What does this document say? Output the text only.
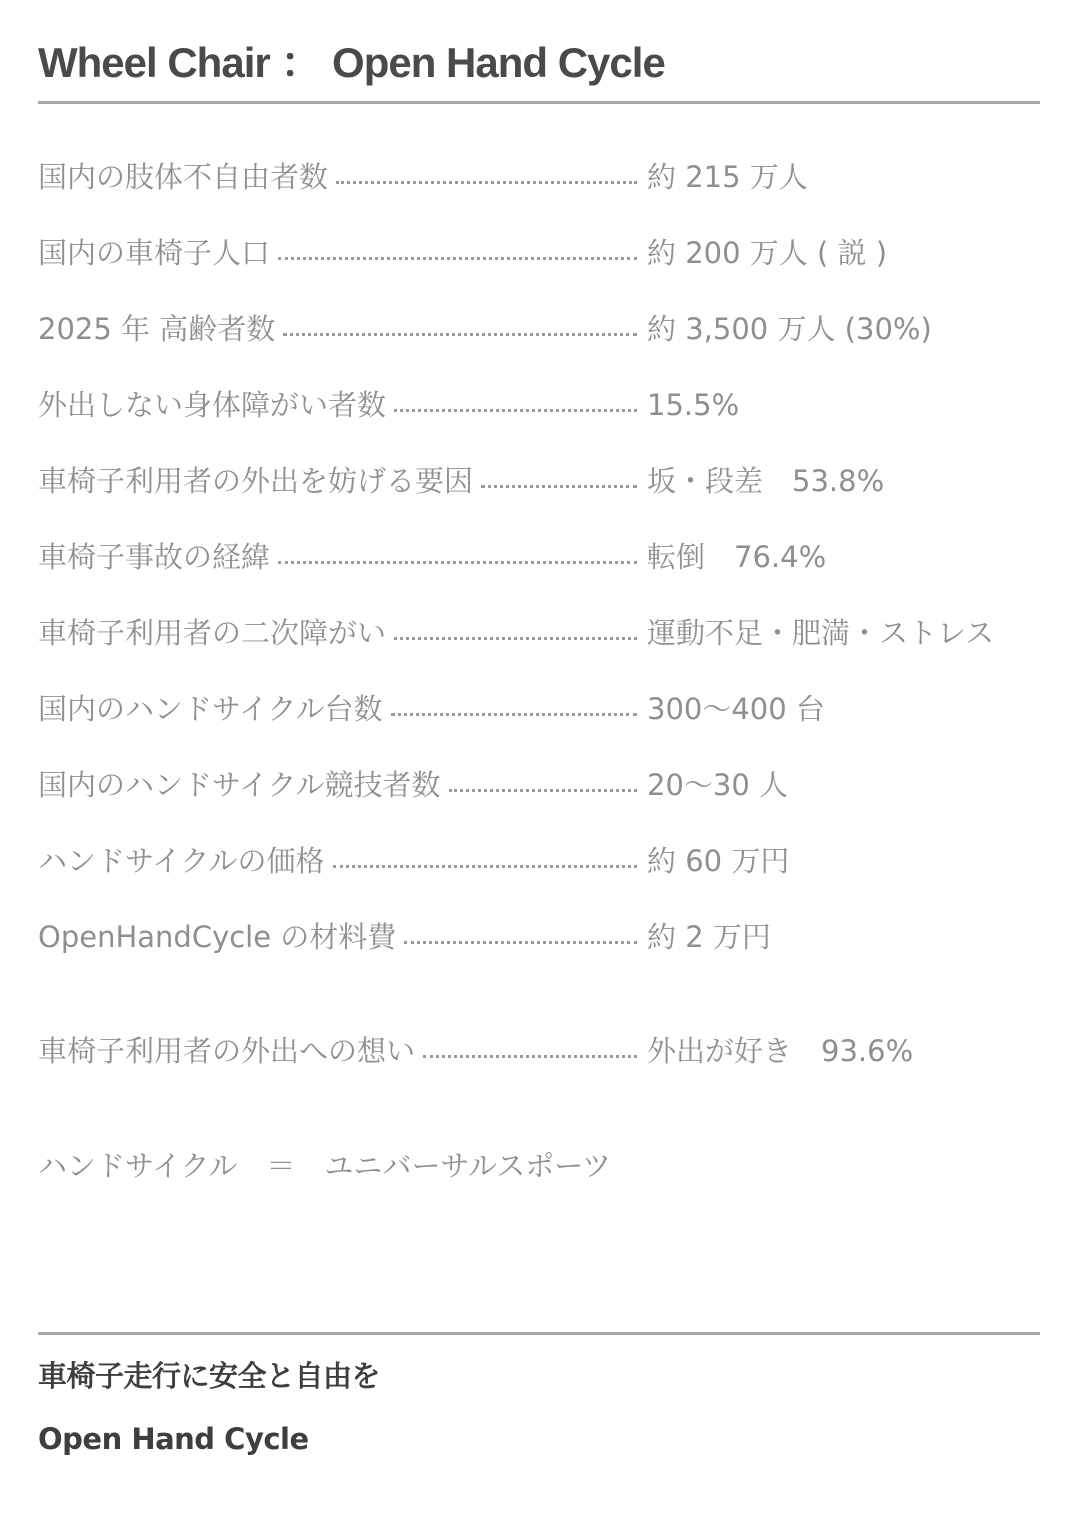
Wheel Chair ： Open Hand Cycle
国内の肢体不自由者数	約 215 万人
国内の車椅子人口	約 200 万人 ( 説 )
2025 年 高齢者数	約 3,500 万人 (30%)
外出しない身体障がい者数	15.5%
車椅子利用者の外出を妨げる要因	坂・段差　53.8%
車椅子事故の経緯	転倒　76.4%
車椅子利用者の二次障がい	運動不足・肥満・ストレス
国内のハンドサイクル台数	300〜400 台
国内のハンドサイクル競技者数	20〜30 人
ハンドサイクルの価格	約 60 万円
OpenHandCycle の材料費	約 2 万円
車椅子利用者の外出への想い	外出が好き　93.6%
ハンドサイクル　＝　ユニバーサルスポーツ
車椅子走行に安全と自由を
Open Hand Cycle
